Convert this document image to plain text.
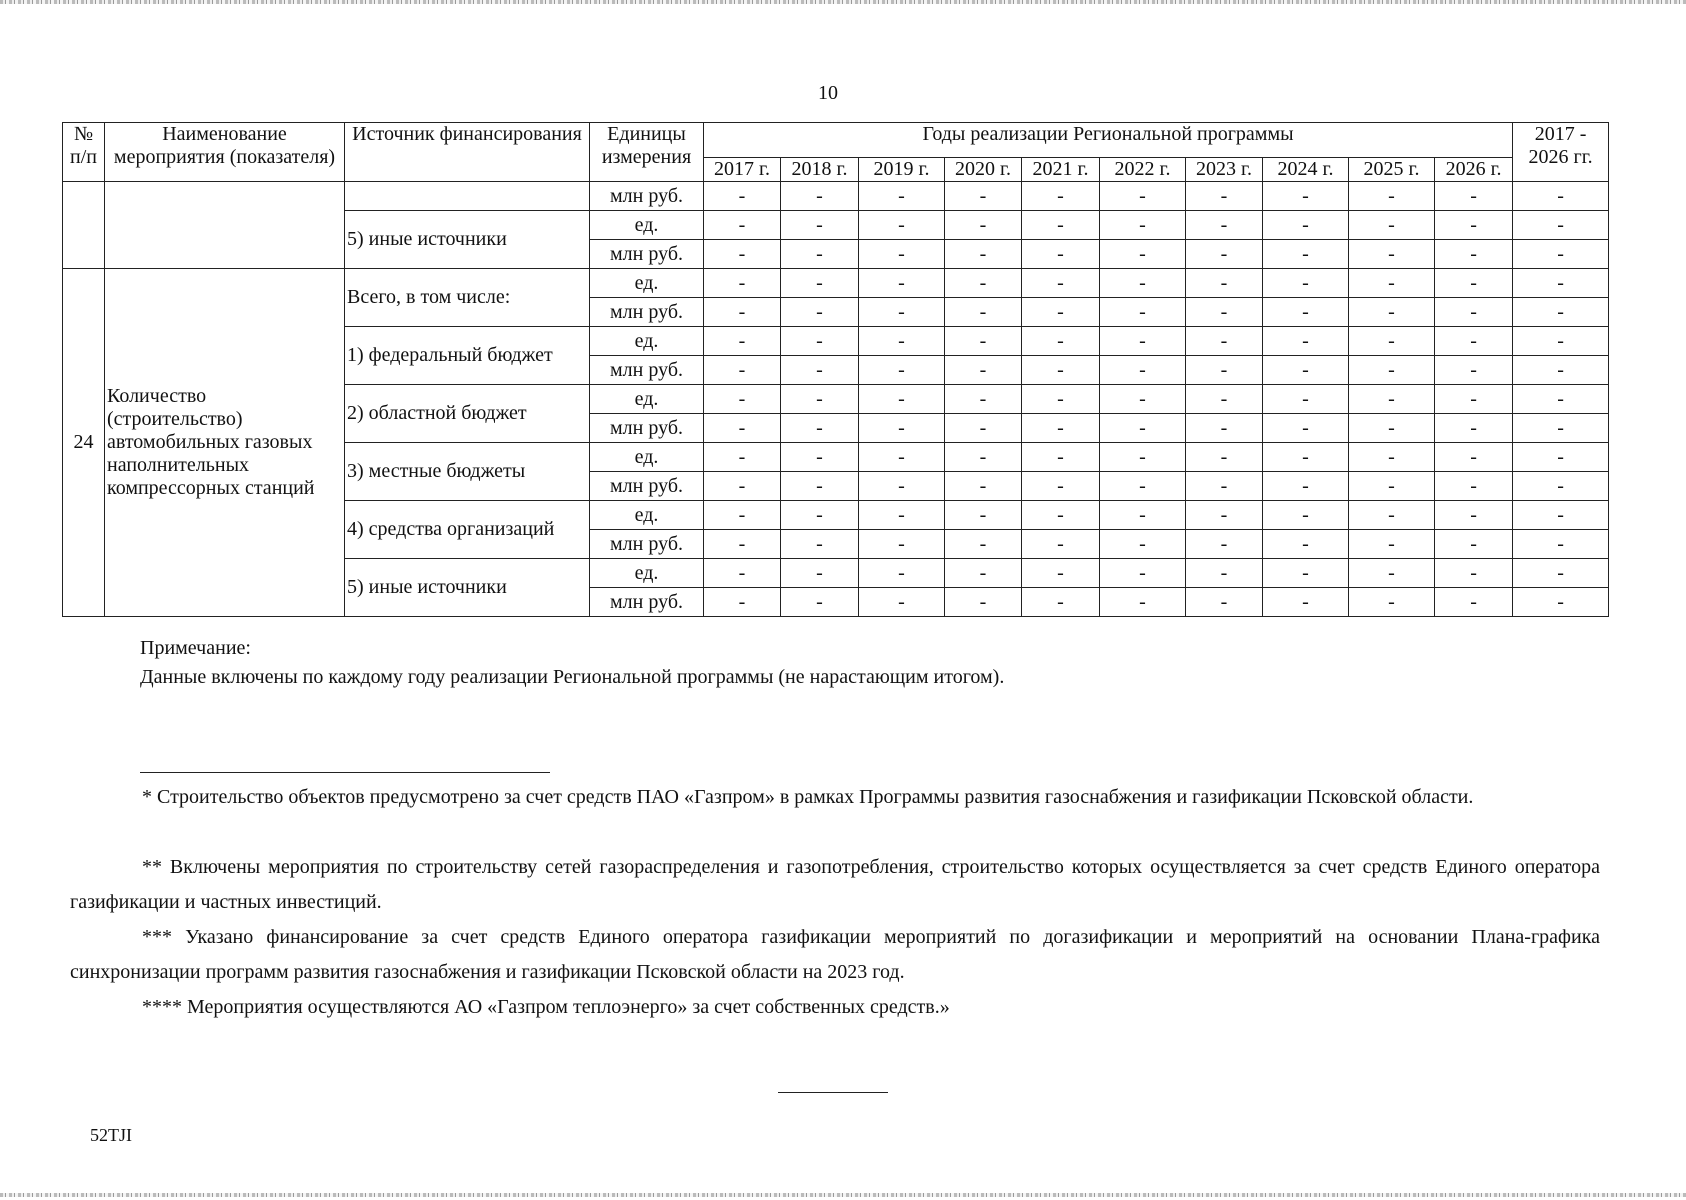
10
№ п/п	Наименование мероприятия (показателя)	Источник финансирования	Единицы измерения	Годы реализации Региональной программы										2017 - 2026 гг.
				2017 г.	2018 г.	2019 г.	2020 г.	2021 г.	2022 г.	2023 г.	2024 г.	2025 г.	2026 г.	
			млн руб.	-	-	-	-	-	-	-	-	-	-	-
		5) иные источники	ед.	-	-	-	-	-	-	-	-	-	-	-
			млн руб.	-	-	-	-	-	-	-	-	-	-	-
24	Количество (строительство) автомобильных газовых наполнительных компрессорных станций	Всего, в том числе:	ед.	-	-	-	-	-	-	-	-	-	-	-
			млн руб.	-	-	-	-	-	-	-	-	-	-	-
		1) федеральный бюджет	ед.	-	-	-	-	-	-	-	-	-	-	-
			млн руб.	-	-	-	-	-	-	-	-	-	-	-
		2) областной бюджет	ед.	-	-	-	-	-	-	-	-	-	-	-
			млн руб.	-	-	-	-	-	-	-	-	-	-	-
		3) местные бюджеты	ед.	-	-	-	-	-	-	-	-	-	-	-
			млн руб.	-	-	-	-	-	-	-	-	-	-	-
		4) средства организаций	ед.	-	-	-	-	-	-	-	-	-	-	-
			млн руб.	-	-	-	-	-	-	-	-	-	-	-
		5) иные источники	ед.	-	-	-	-	-	-	-	-	-	-	-
			млн руб.	-	-	-	-	-	-	-	-	-	-	-
Примечание:
Данные включены по каждому году реализации Региональной программы (не нарастающим итогом).
* Строительство объектов предусмотрено за счет средств ПАО «Газпром» в рамках Программы развития газоснабжения и газификации Псковской области.
** Включены мероприятия по строительству сетей газораспределения и газопотребления, строительство которых осуществляется за счет средств Единого оператора газификации и частных инвестиций.
*** Указано финансирование за счет средств Единого оператора газификации мероприятий по догазификации и мероприятий на основании Плана-графика синхронизации программ развития газоснабжения и газификации Псковской области на 2023 год.
**** Мероприятия осуществляются АО «Газпром теплоэнерго» за счет собственных средств.»
52TJI
